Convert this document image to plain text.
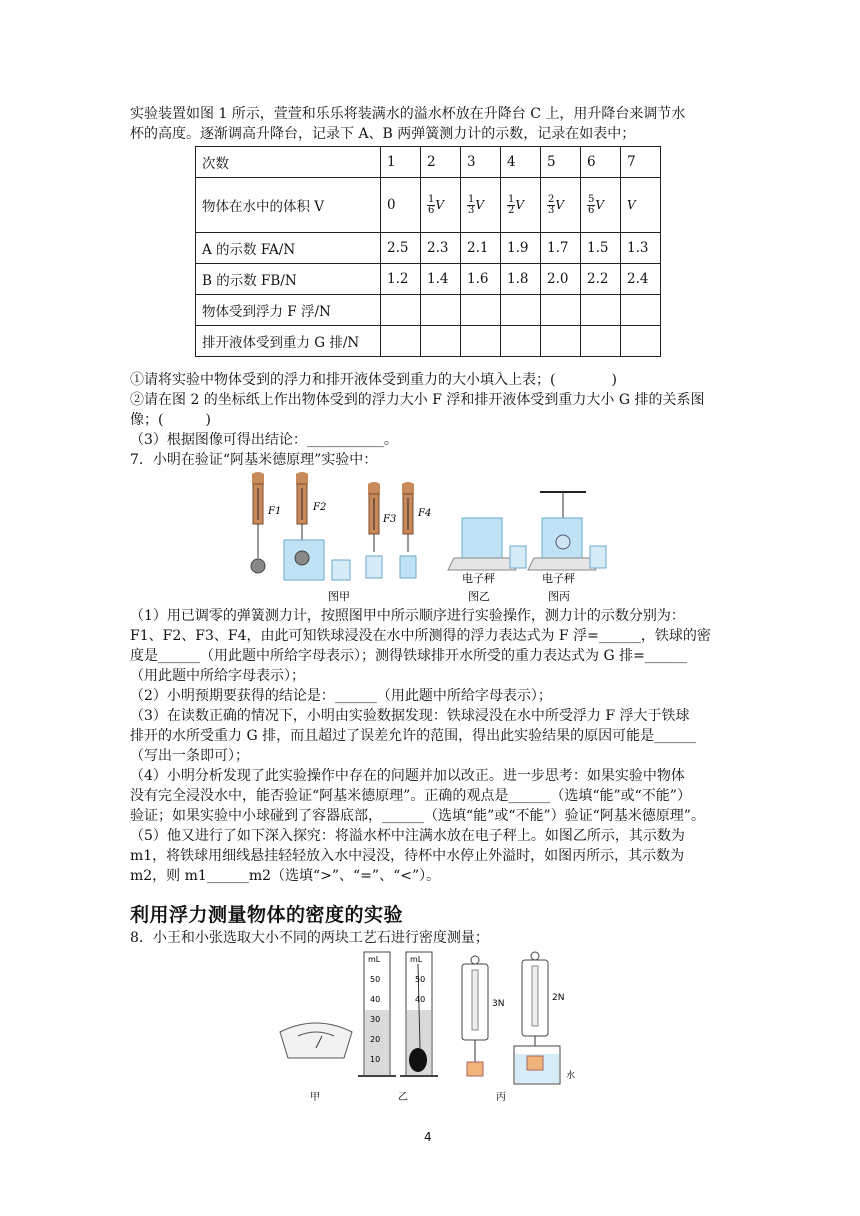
实验装置如图 1 所示，萱萱和乐乐将装满水的溢水杯放在升降台 C 上，用升降台来调节水
杯的高度。逐渐调高升降台，记录下 A、B 两弹簧测力计的示数，记录在如表中；
次数	1	2	3	4	5	6	7
物体在水中的体积 V	0	$\frac{1}{6}$ V	$\frac{1}{3}$ V	$\frac{1}{2}$ V	$\frac{2}{3}$ V	$\frac{5}{6}$ V	V
A 的示数 FA/N	2.5	2.3	2.1	1.9	1.7	1.5	1.3
B 的示数 FB/N	1.2	1.4	1.6	1.8	2.0	2.2	2.4
物体受到浮力 F 浮/N							
排开液体受到重力 G 排/N							
①请将实验中物体受到的浮力和排开液体受到重力的大小填入上表；(　　　　)
②请在图 2 的坐标纸上作出物体受到的浮力大小 F 浮和排开液体受到重力大小 G 排的关系图
像；(　　　)
（3）根据图像可得出结论：___________。
7．小明在验证“阿基米德原理”实验中：
F1	F2
F3
F4
电子秤	电子秤
图甲	图乙	图丙
（1）用已调零的弹簧测力计，按照图甲中所示顺序进行实验操作，测力计的示数分别为：
F1、F2、F3、F4，由此可知铁球浸没在水中所测得的浮力表达式为 F 浮=______，铁球的密
度是______（用此题中所给字母表示）；测得铁球排开水所受的重力表达式为 G 排=______
（用此题中所给字母表示）；
（2）小明预期要获得的结论是：______（用此题中所给字母表示）；
（3）在读数正确的情况下，小明由实验数据发现：铁球浸没在水中所受浮力 F 浮大于铁球
排开的水所受重力 G 排，而且超过了误差允许的范围，得出此实验结果的原因可能是______
（写出一条即可）；
（4）小明分析发现了此实验操作中存在的问题并加以改正。进一步思考：如果实验中物体
没有完全浸没水中，能否验证“阿基米德原理”。正确的观点是______（选填“能”或“不能”）
验证；如果实验中小球碰到了容器底部，______（选填“能”或“不能”）验证“阿基米德原理”。
（5）他又进行了如下深入探究：将溢水杯中注满水放在电子秤上。如图乙所示，其示数为
m1，将铁球用细线悬挂轻轻放入水中浸没，待杯中水停止外溢时，如图丙所示，其示数为
m2，则 m1______m2（选填“>”、“=”、“<”）。
利用浮力测量物体的密度的实验
8．小王和小张选取大小不同的两块工艺石进行密度测量；
mL	mL
50
40
30
20
10
50
40	3N
2N
水
甲	乙	丙
4
